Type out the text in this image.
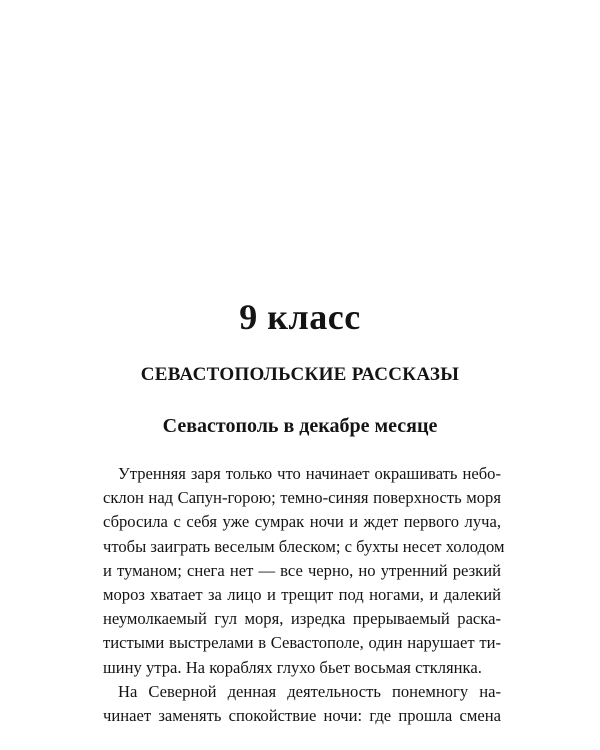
9 класс
СЕВАСТОПОЛЬСКИЕ РАССКАЗЫ
Севастополь в декабре месяце
Утренняя заря только что начинает окрашивать небо-
склон над Сапун-горою; темно-синяя поверхность моря
сбросила с себя уже сумрак ночи и ждет первого луча,
чтобы заиграть веселым блеском; с бухты несет холодом
и туманом; снега нет — все черно, но утренний резкий
мороз хватает за лицо и трещит под ногами, и далекий
неумолкаемый гул моря, изредка прерываемый раска-
тистыми выстрелами в Севастополе, один нарушает ти-
шину утра. На кораблях глухо бьет восьмая стклянка.
На Северной денная деятельность понемногу на-
чинает заменять спокойствие ночи: где прошла смена
